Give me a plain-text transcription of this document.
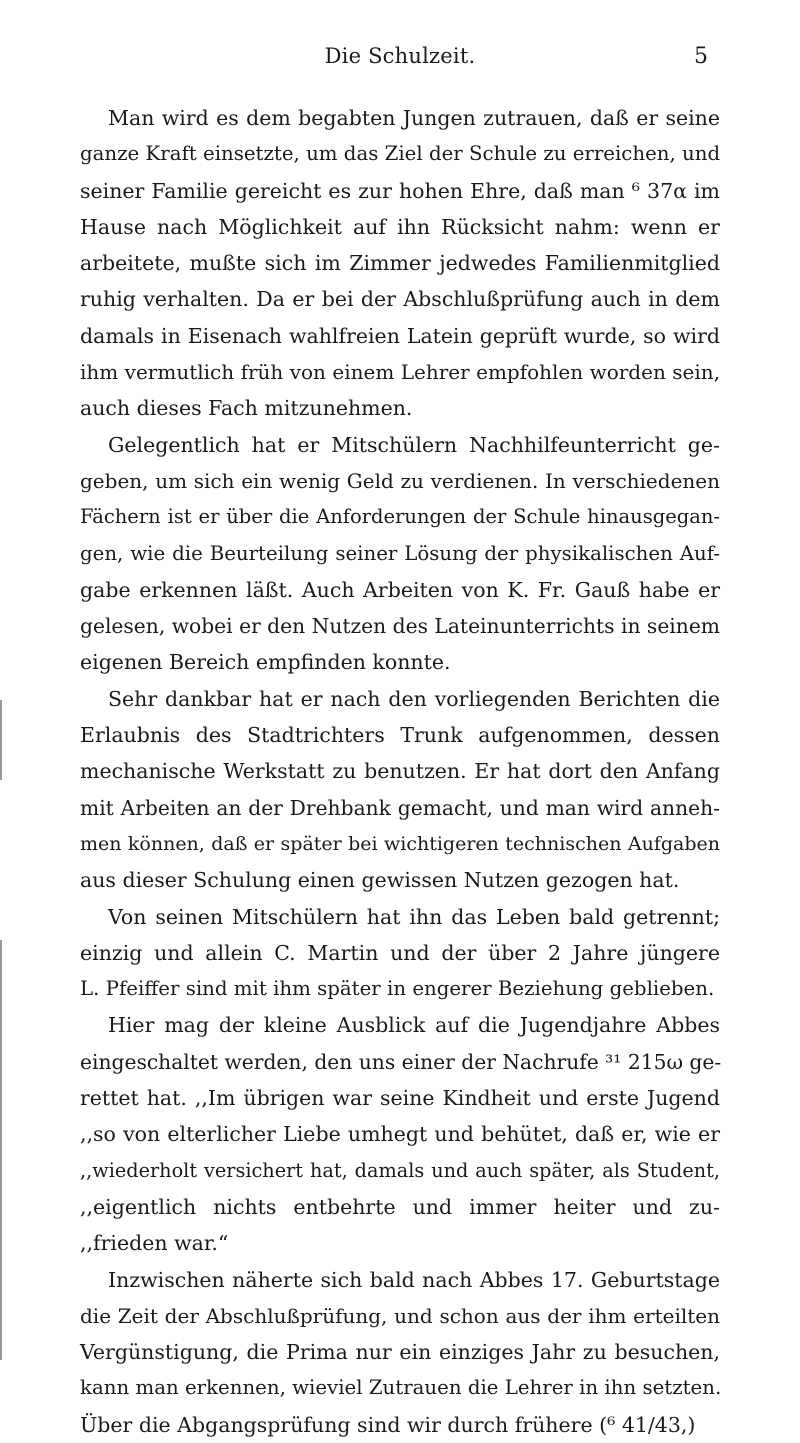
Die Schulzeit.	5
Man wird es dem begabten Jungen zutrauen, daß er seine
ganze Kraft einsetzte, um das Ziel der Schule zu erreichen, und
seiner Familie gereicht es zur hohen Ehre, daß man ⁶ 37α im
Hause nach Möglichkeit auf ihn Rücksicht nahm: wenn er
arbeitete, mußte sich im Zimmer jedwedes Familienmitglied
ruhig verhalten. Da er bei der Abschlußprüfung auch in dem
damals in Eisenach wahlfreien Latein geprüft wurde, so wird
ihm vermutlich früh von einem Lehrer empfohlen worden sein,
auch dieses Fach mitzunehmen.
Gelegentlich hat er Mitschülern Nachhilfeunterricht ge-
geben, um sich ein wenig Geld zu verdienen. In verschiedenen
Fächern ist er über die Anforderungen der Schule hinausgegan-
gen, wie die Beurteilung seiner Lösung der physikalischen Auf-
gabe erkennen läßt. Auch Arbeiten von K. Fr. Gauß habe er
gelesen, wobei er den Nutzen des Lateinunterrichts in seinem
eigenen Bereich empfinden konnte.
Sehr dankbar hat er nach den vorliegenden Berichten die
Erlaubnis des Stadtrichters Trunk aufgenommen, dessen
mechanische Werkstatt zu benutzen. Er hat dort den Anfang
mit Arbeiten an der Drehbank gemacht, und man wird anneh-
men können, daß er später bei wichtigeren technischen Aufgaben
aus dieser Schulung einen gewissen Nutzen gezogen hat.
Von seinen Mitschülern hat ihn das Leben bald getrennt;
einzig und allein C. Martin und der über 2 Jahre jüngere
L. Pfeiffer sind mit ihm später in engerer Beziehung geblieben.
Hier mag der kleine Ausblick auf die Jugendjahre Abbes
eingeschaltet werden, den uns einer der Nachrufe ³¹ 215ω ge-
rettet hat. ,,Im übrigen war seine Kindheit und erste Jugend
,,so von elterlicher Liebe umhegt und behütet, daß er, wie er
,,wiederholt versichert hat, damals und auch später, als Student,
,,eigentlich nichts entbehrte und immer heiter und zu-
,,frieden war.“
Inzwischen näherte sich bald nach Abbes 17. Geburtstage
die Zeit der Abschlußprüfung, und schon aus der ihm erteilten
Vergünstigung, die Prima nur ein einziges Jahr zu besuchen,
kann man erkennen, wieviel Zutrauen die Lehrer in ihn setzten.
Über die Abgangsprüfung sind wir durch frühere (⁶ 41/43,)
